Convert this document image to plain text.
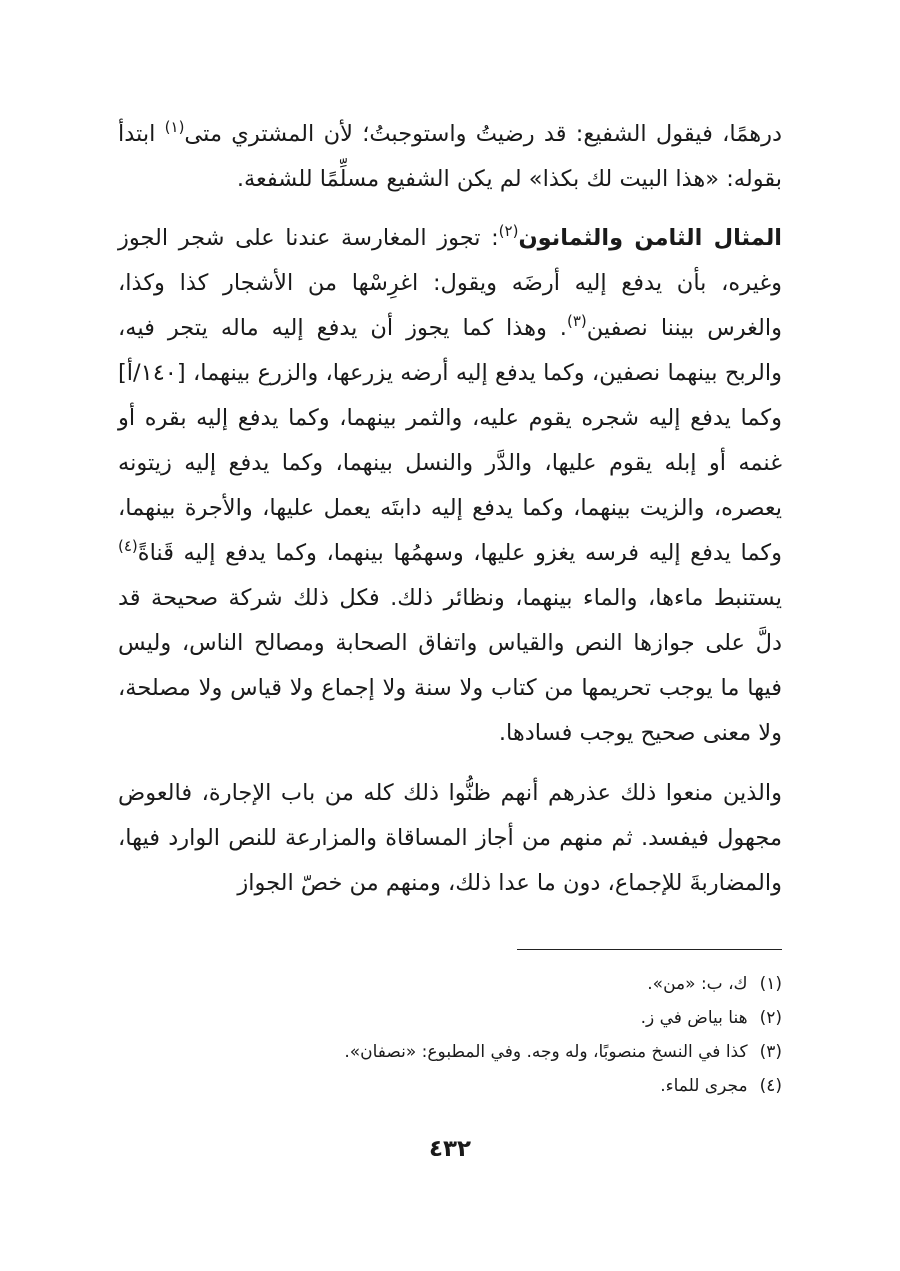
درهمًا، فيقول الشفيع: قد رضيتُ واستوجبتُ؛ لأن المشتري متى$^{(١)}$ ابتدأ بقوله: «هذا البيت لك بكذا» لم يكن الشفيع مسلِّمًا للشفعة.

المثال الثامن والثمانون$^{(٢)}$: تجوز المغارسة عندنا على شجر الجوز وغيره، بأن يدفع إليه أرضَه ويقول: اغرِسْها من الأشجار كذا وكذا، والغرس بيننا نصفين$^{(٣)}$. وهذا كما يجوز أن يدفع إليه ماله يتجر فيه، والربح بينهما نصفين، وكما يدفع إليه أرضه يزرعها، والزرع بينهما، [١٤٠/أ] وكما يدفع إليه شجره يقوم عليه، والثمر بينهما، وكما يدفع إليه بقره أو غنمه أو إبله يقوم عليها، والدَّر والنسل بينهما، وكما يدفع إليه زيتونه يعصره، والزيت بينهما، وكما يدفع إليه دابتَه يعمل عليها، والأجرة بينهما، وكما يدفع إليه فرسه يغزو عليها، وسهمُها بينهما، وكما يدفع إليه قَناةً$^{(٤)}$ يستنبط ماءها، والماء بينهما، ونظائر ذلك. فكل ذلك شركة صحيحة قد دلَّ على جوازها النص والقياس واتفاق الصحابة ومصالح الناس، وليس فيها ما يوجب تحريمها من كتاب ولا سنة ولا إجماع ولا قياس ولا مصلحة، ولا معنى صحيح يوجب فسادها.

والذين منعوا ذلك عذرهم أنهم ظنُّوا ذلك كله من باب الإجارة، فالعوض مجهول فيفسد. ثم منهم من أجاز المساقاة والمزارعة للنص الوارد فيها، والمضاربةَ للإجماع، دون ما عدا ذلك، ومنهم من خصّ الجواز

(١)ك، ب: «من».
(٢)هنا بياض في ز.
(٣)كذا في النسخ منصوبًا، وله وجه. وفي المطبوع: «نصفان».
(٤)مجرى للماء.
٤٣٢
